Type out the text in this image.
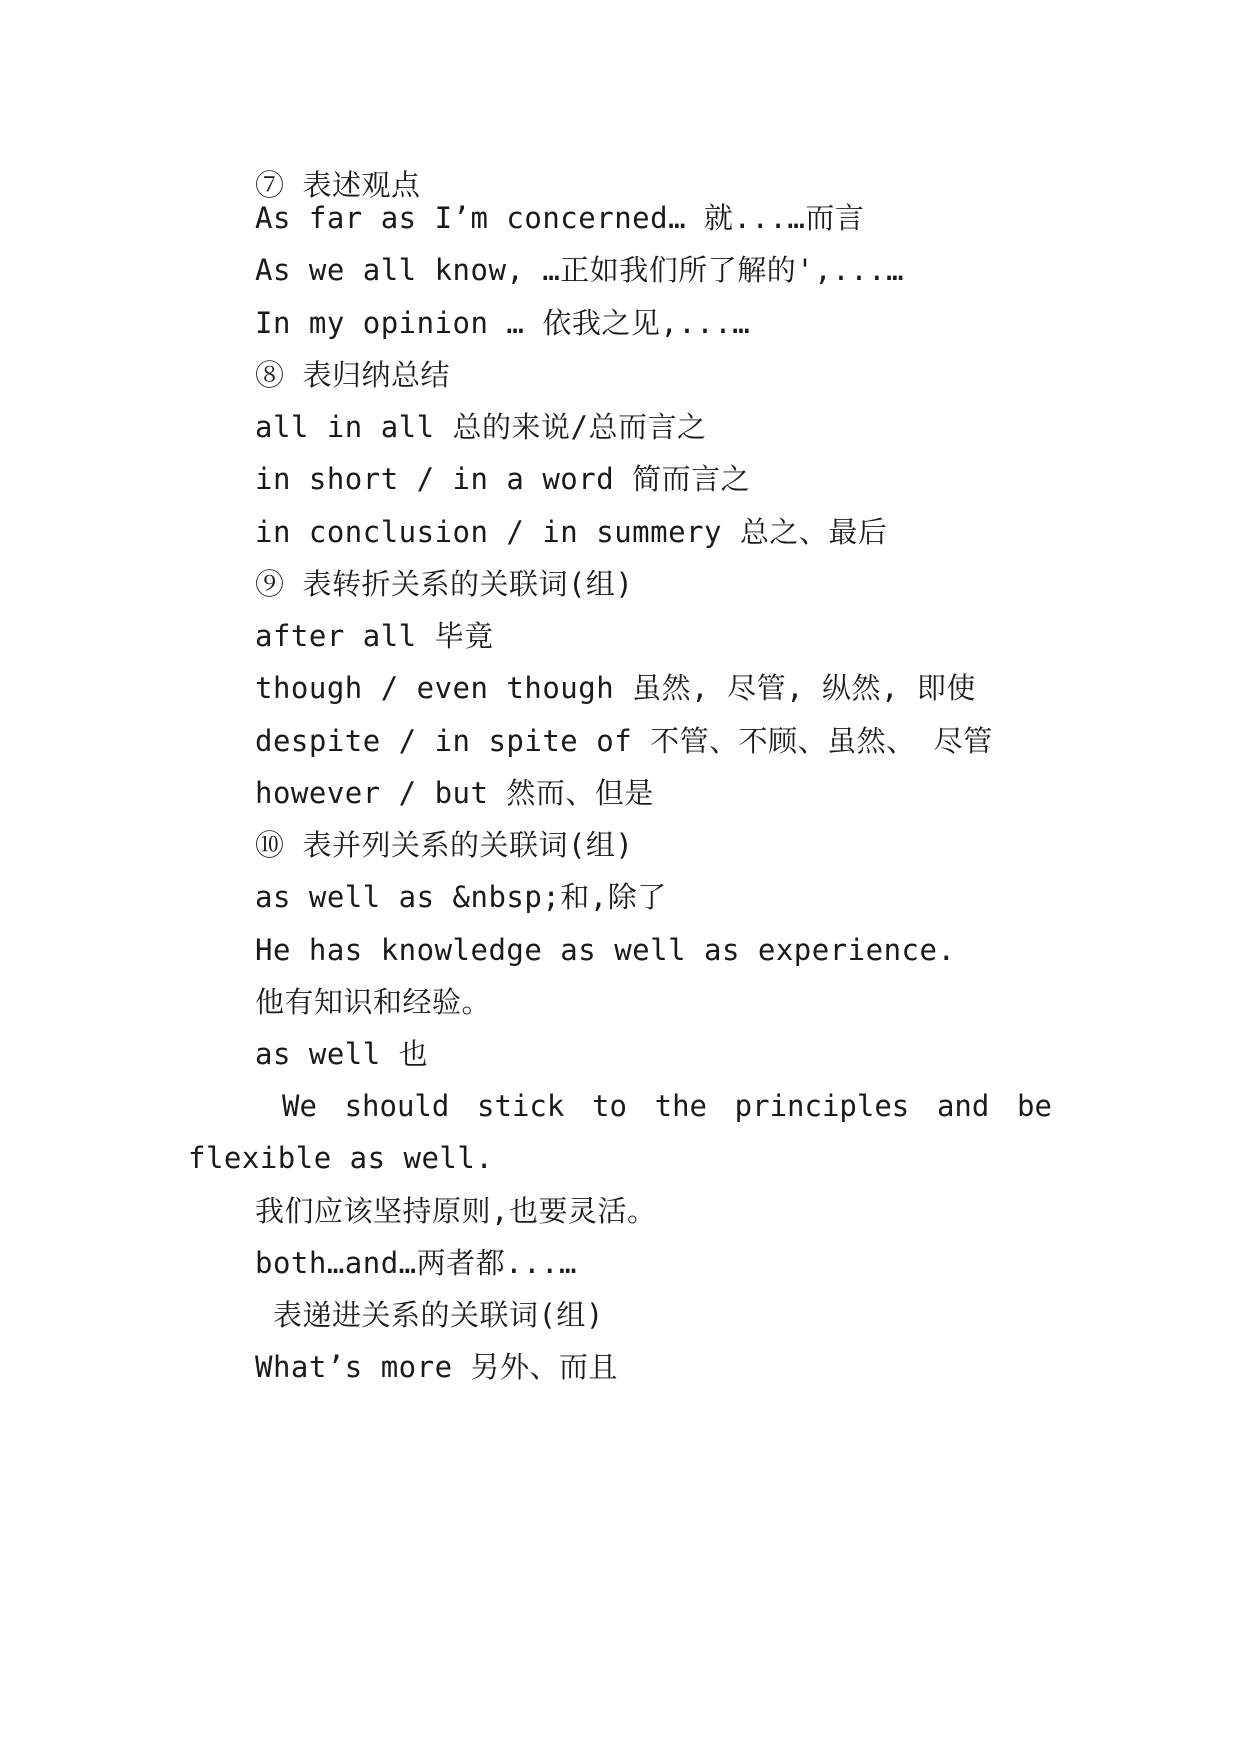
⑦ 表述观点
As far as I’m concerned… 就...…而言
As we all know, …正如我们所了解的',...…
In my opinion … 依我之见,...…
⑧ 表归纳总结
all in all 总的来说/总而言之
in short / in a word 简而言之
in conclusion / in summery 总之、最后
⑨ 表转折关系的关联词(组)
after all 毕竟
though / even though 虽然, 尽管, 纵然, 即使
despite / in spite of 不管、不顾、虽然、 尽管
however / but 然而、但是
⑩ 表并列关系的关联词(组)
as well as &nbsp;和,除了
He has knowledge as well as experience.
他有知识和经验。
as well 也
We should stick to the principles and be
flexible as well.
我们应该坚持原则,也要灵活。
both…and…两者都...…
表递进关系的关联词(组)
What’s more 另外、而且
